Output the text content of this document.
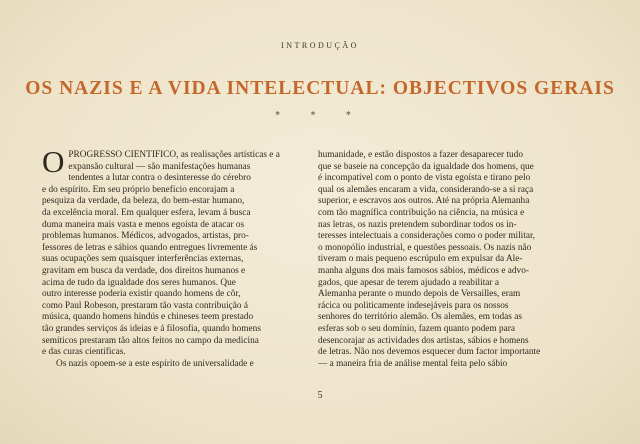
INTRODUÇÃO
OS NAZIS E A VIDA INTELECTUAL: OBJECTIVOS GERAIS
* * *
O PROGRESSO CIÊNTIFICO, as realisações artísticas e a
expansão cultural — são manifestações humanas
tendentes a lutar contra o desinteresse do cérebro
e do espírito. Em seu próprio benefício encorajam a
pesquiza da verdade, da beleza, do bem-estar humano,
da excelência moral. Em qualquer esfera, levam á busca
duma maneira mais vasta e menos egoísta de atacar os
problemas humanos. Médicos, advogados, artistas, pro-
fessores de letras e sábios quando entregues livremente ás
suas ocupações sem quaisquer interferências externas,
gravitam em busca da verdade, dos direitos humanos e
acima de tudo da igualdade dos seres humanos. Que
outro interesse poderia existir quando homens de côr,
como Paul Robeson, prestaram tão vasta contribuição á
música, quando homens hindús e chineses teem prestado
tão grandes serviços ás ideias e á filosofia, quando homens
semíticos prestaram tão altos feitos no campo da medicina
e das curas científicas.
Os nazis opoem-se a este espírito de universalidade e
humanidade, e estão dispostos a fazer desaparecer tudo
que se baseie na concepção da igualdade dos homens, que
é incompatível com o ponto de vista egoísta e tirano pelo
qual os alemães encaram a vida, considerando-se a si raça
superior, e escravos aos outros. Até na própria Alemanha
com tão magnífica contribuição na ciência, na música e
nas letras, os nazis pretendem subordinar todos os in-
teresses intelectuais a considerações como o poder militar,
o monopólio industrial, e questões pessoais. Os nazis não
tiveram o mais pequeno escrúpulo em expulsar da Ale-
manha alguns dos mais famosos sábios, médicos e advo-
gados, que apesar de terem ajudado a reabilitar a
Alemanha perante o mundo depois de Versailles, eram
rácica ou politicamente indesejáveis para os nossos
senhores do território alemão. Os alemães, em todas as
esferas sob o seu domínio, fazem quanto podem para
desencorajar as actividades dos artistas, sábios e homens
de letras. Não nos devemos esquecer dum factor importante
— a maneira fria de análise mental feita pelo sábio
5
